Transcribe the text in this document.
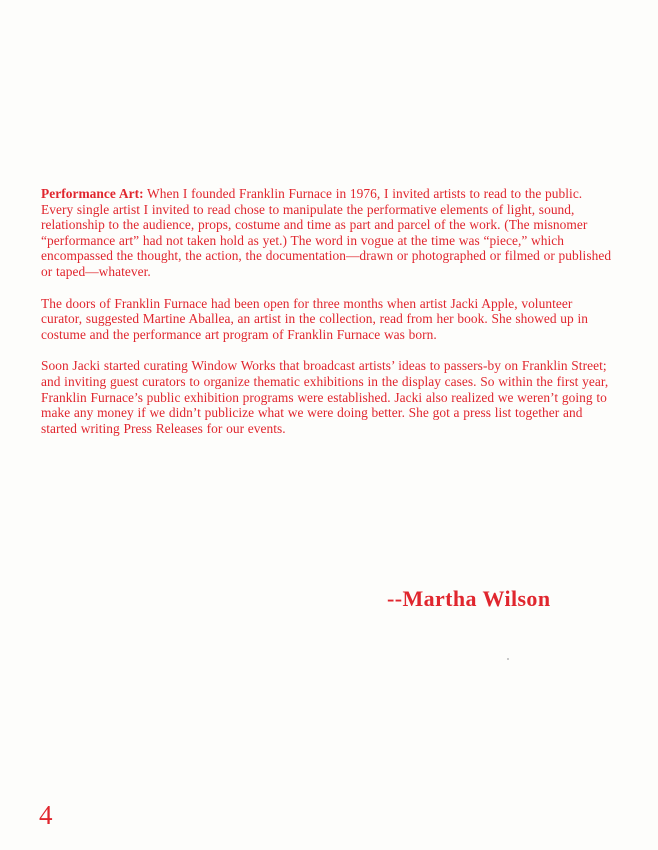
Performance Art: When I founded Franklin Furnace in 1976, I invited artists to read to the public. Every single artist I invited to read chose to manipulate the performative elements of light, sound, relationship to the audience, props, costume and time as part and parcel of the work. (The misnomer “performance art” had not taken hold as yet.) The word in vogue at the time was “piece,” which encompassed the thought, the action, the documentation—drawn or photographed or filmed or published or taped—whatever.

The doors of Franklin Furnace had been open for three months when artist Jacki Apple, volunteer curator, suggested Martine Aballea, an artist in the collection, read from her book. She showed up in costume and the performance art program of Franklin Furnace was born.

Soon Jacki started curating Window Works that broadcast artists’ ideas to passers-by on Franklin Street; and inviting guest curators to organize thematic exhibitions in the display cases. So within the first year, Franklin Furnace’s public exhibition programs were established. Jacki also realized we weren’t going to make any money if we didn’t publicize what we were doing better. She got a press list together and started writing Press Releases for our events.

--Martha Wilson
4
